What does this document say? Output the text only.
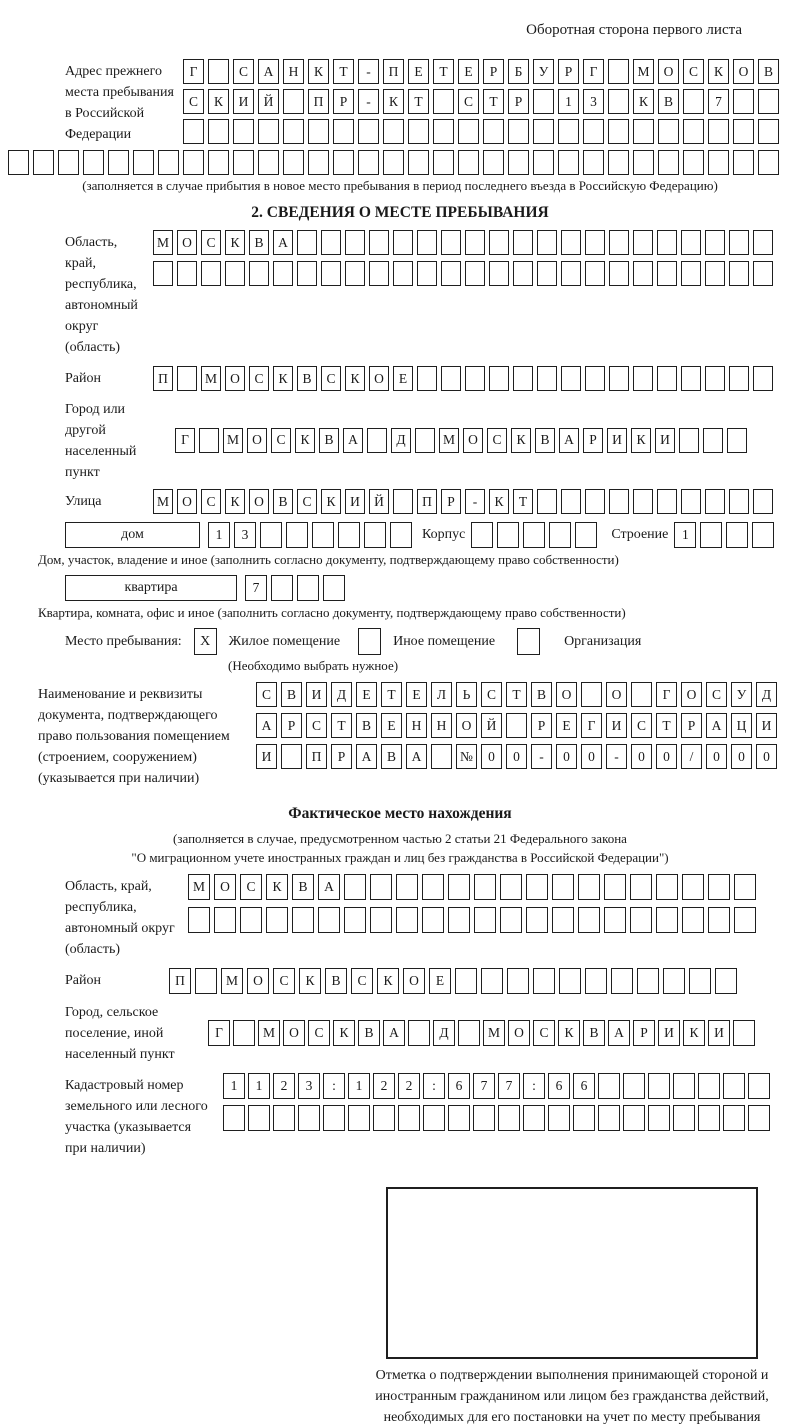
Оборотная сторона первого листа
Адрес прежнего места пребывания в Российской Федерации
Г	С	А	Н	К	Т	-	П	Е	Т	Е	Р	Б	У	Р	Г	М	О	С	К	О	В
С	К	И	Й	П	Р	-	К	Т	С	Т	Р	1	3	К	В	7
(заполняется в случае прибытия в новое место пребывания в период последнего въезда в Российскую Федерацию)
2. СВЕДЕНИЯ О МЕСТЕ ПРЕБЫВАНИЯ
Область, край, республика, автономный округ (область)
М О	С	К	В	А
Район	П	М О	С	К	В	С	К	О	Е
Город или другой населенный пункт
Г	М О	С	К	В	А	Д	М О	С	К	В	А	Р	И	К	И
Улица	М О	С	К	О	В	С	К	И	Й	П	Р	-	К	Т
дом	1	3	Корпус	Строение	1
Дом, участок, владение и иное (заполнить согласно документу, подтверждающему право собственности)
квартира	7
Квартира, комната, офис и иное (заполнить согласно документу, подтверждающему право собственности)
Место пребывания:	X	Жилое помещение	Иное помещение	Организация
(Необходимо выбрать нужное)
Наименование и реквизиты документа, подтверждающего право пользования помещением (строением, сооружением) (указывается при наличии)
С	В	И	Д	Е	Т	Е	Л	Ь	С	Т	В	О	О	Г	О	С	У	Д
А	Р	С	Т	В	Е	Н	Н	О	Й	Р	Е	Г	И	С	Т	Р	А	Ц	И
И	П	Р	А	В	А	№	0	0	-	0	0	-	0	0	/	0	0	0
Фактическое место нахождения
(заполняется в случае, предусмотренном частью 2 статьи 21 Федерального закона
"О миграционном учете иностранных граждан и лиц без гражданства в Российской Федерации")
Область, край, республика, автономный округ (область)
М	О	С	К	В	А
Район	П	М	О	С	К	В	С	К	О	Е
Город, сельское поселение, иной населенный пункт
Г	М	О	С	К	В	А	Д	М	О	С	К	В	А	Р	И	К	И
Кадастровый номер земельного или лесного участка (указывается при наличии)
1	1	2	3	:	1	2	2	:	6	7	7	:	6	6
Отметка о подтверждении выполнения принимающей стороной и иностранным гражданином или лицом без гражданства действий, необходимых для его постановки на учет по месту пребывания
